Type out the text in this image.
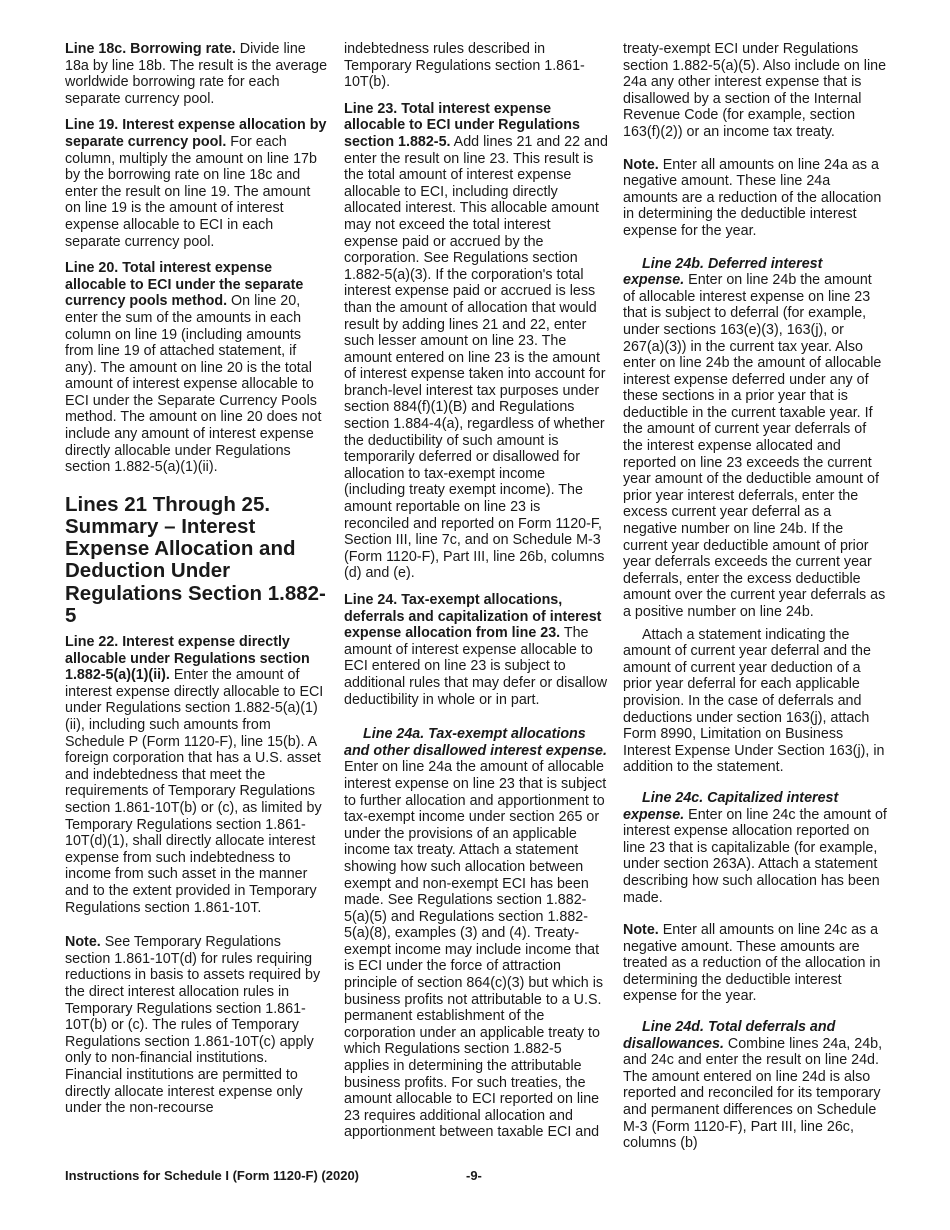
Line 18c. Borrowing rate. Divide line 18a by line 18b. The result is the average worldwide borrowing rate for each separate currency pool.

Line 19. Interest expense allocation by separate currency pool. For each column, multiply the amount on line 17b by the borrowing rate on line 18c and enter the result on line 19. The amount on line 19 is the amount of interest expense allocable to ECI in each separate currency pool.

Line 20. Total interest expense allocable to ECI under the separate currency pools method. On line 20, enter the sum of the amounts in each column on line 19 (including amounts from line 19 of attached statement, if any). The amount on line 20 is the total amount of interest expense allocable to ECI under the Separate Currency Pools method. The amount on line 20 does not include any amount of interest expense directly allocable under Regulations section 1.882-5(a)(1)(ii).

Lines 21 Through 25. Summary – Interest Expense Allocation and Deduction Under Regulations Section 1.882-5

Line 22. Interest expense directly allocable under Regulations section 1.882-5(a)(1)(ii). Enter the amount of interest expense directly allocable to ECI under Regulations section 1.882-5(a)(1)(ii), including such amounts from Schedule P (Form 1120-F), line 15(b). A foreign corporation that has a U.S. asset and indebtedness that meet the requirements of Temporary Regulations section 1.861-10T(b) or (c), as limited by Temporary Regulations section 1.861-10T(d)(1), shall directly allocate interest expense from such indebtedness to income from such asset in the manner and to the extent provided in Temporary Regulations section 1.861-10T.

Note. See Temporary Regulations section 1.861-10T(d) for rules requiring reductions in basis to assets required by the direct interest allocation rules in Temporary Regulations section 1.861-10T(b) or (c). The rules of Temporary Regulations section 1.861-10T(c) apply only to non-financial institutions. Financial institutions are permitted to directly allocate interest expense only under the non-recourse

indebtedness rules described in Temporary Regulations section 1.861-10T(b).

Line 23. Total interest expense allocable to ECI under Regulations section 1.882-5. Add lines 21 and 22 and enter the result on line 23. This result is the total amount of interest expense allocable to ECI, including directly allocated interest. This allocable amount may not exceed the total interest expense paid or accrued by the corporation. See Regulations section 1.882-5(a)(3). If the corporation's total interest expense paid or accrued is less than the amount of allocation that would result by adding lines 21 and 22, enter such lesser amount on line 23. The amount entered on line 23 is the amount of interest expense taken into account for branch-level interest tax purposes under section 884(f)(1)(B) and Regulations section 1.884-4(a), regardless of whether the deductibility of such amount is temporarily deferred or disallowed for allocation to tax-exempt income (including treaty exempt income). The amount reportable on line 23 is reconciled and reported on Form 1120-F, Section III, line 7c, and on Schedule M-3 (Form 1120-F), Part III, line 26b, columns (d) and (e).

Line 24. Tax-exempt allocations, deferrals and capitalization of interest expense allocation from line 23. The amount of interest expense allocable to ECI entered on line 23 is subject to additional rules that may defer or disallow deductibility in whole or in part.

Line 24a. Tax-exempt allocations and other disallowed interest expense. Enter on line 24a the amount of allocable interest expense on line 23 that is subject to further allocation and apportionment to tax-exempt income under section 265 or under the provisions of an applicable income tax treaty. Attach a statement showing how such allocation between exempt and non-exempt ECI has been made. See Regulations section 1.882-5(a)(5) and Regulations section 1.882-5(a)(8), examples (3) and (4). Treaty-exempt income may include income that is ECI under the force of attraction principle of section 864(c)(3) but which is business profits not attributable to a U.S. permanent establishment of the corporation under an applicable treaty to which Regulations section 1.882-5 applies in determining the attributable business profits. For such treaties, the amount allocable to ECI reported on line 23 requires additional allocation and apportionment between taxable ECI and

treaty-exempt ECI under Regulations section 1.882-5(a)(5). Also include on line 24a any other interest expense that is disallowed by a section of the Internal Revenue Code (for example, section 163(f)(2)) or an income tax treaty.

Note. Enter all amounts on line 24a as a negative amount. These line 24a amounts are a reduction of the allocation in determining the deductible interest expense for the year.

Line 24b. Deferred interest expense. Enter on line 24b the amount of allocable interest expense on line 23 that is subject to deferral (for example, under sections 163(e)(3), 163(j), or 267(a)(3)) in the current tax year. Also enter on line 24b the amount of allocable interest expense deferred under any of these sections in a prior year that is deductible in the current taxable year. If the amount of current year deferrals of the interest expense allocated and reported on line 23 exceeds the current year amount of the deductible amount of prior year interest deferrals, enter the excess current year deferral as a negative number on line 24b. If the current year deductible amount of prior year deferrals exceeds the current year deferrals, enter the excess deductible amount over the current year deferrals as a positive number on line 24b.

Attach a statement indicating the amount of current year deferral and the amount of current year deduction of a prior year deferral for each applicable provision. In the case of deferrals and deductions under section 163(j), attach Form 8990, Limitation on Business Interest Expense Under Section 163(j), in addition to the statement.

Line 24c. Capitalized interest expense. Enter on line 24c the amount of interest expense allocation reported on line 23 that is capitalizable (for example, under section 263A). Attach a statement describing how such allocation has been made.

Note. Enter all amounts on line 24c as a negative amount. These amounts are treated as a reduction of the allocation in determining the deductible interest expense for the year.

Line 24d. Total deferrals and disallowances. Combine lines 24a, 24b, and 24c and enter the result on line 24d. The amount entered on line 24d is also reported and reconciled for its temporary and permanent differences on Schedule M-3 (Form 1120-F), Part III, line 26c, columns (b)

Instructions for Schedule I (Form 1120-F) (2020)	-9-
